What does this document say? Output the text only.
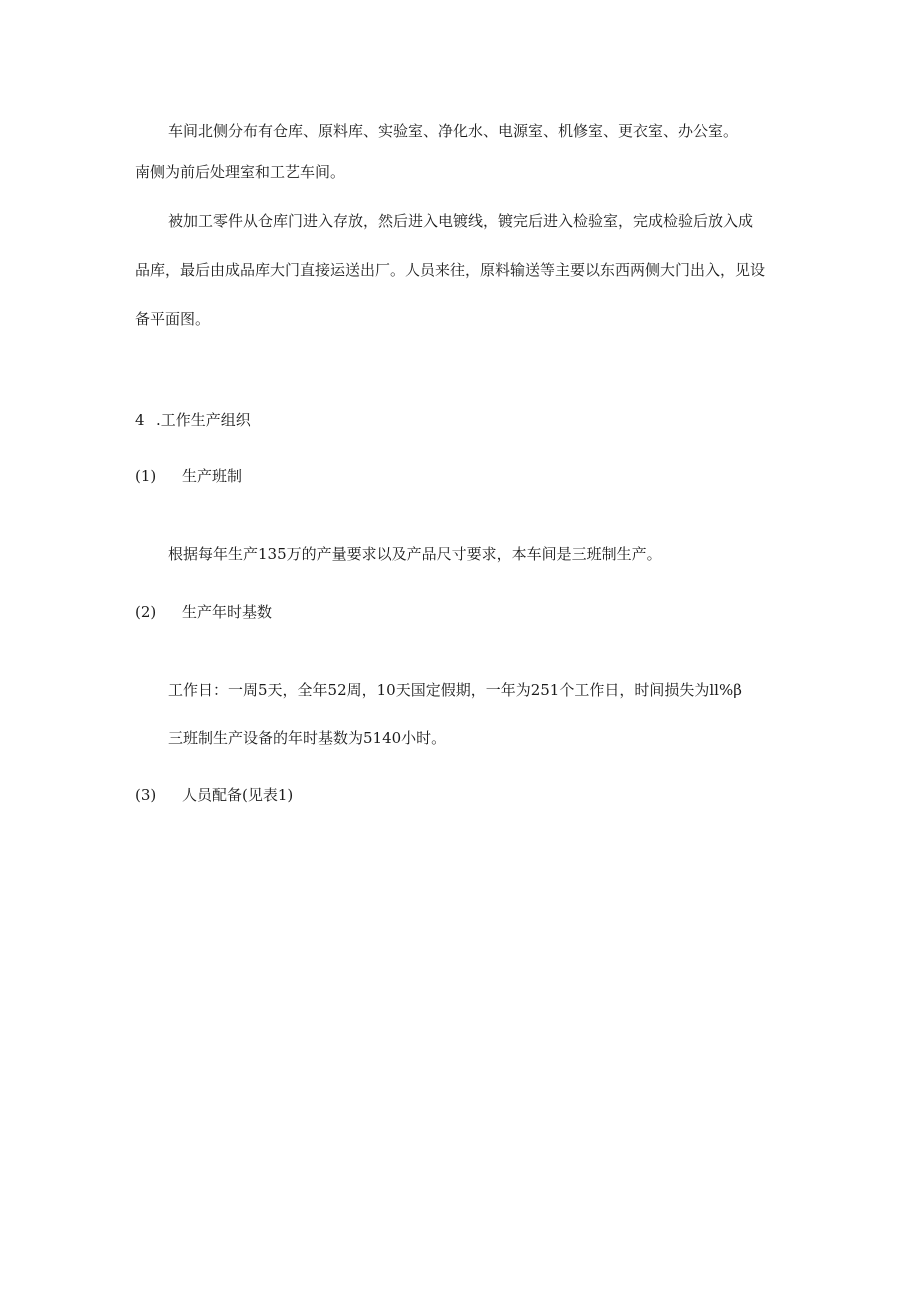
车间北侧分布有仓库、原料库、实验室、净化水、电源室、机修室、更衣室、办公室。
南侧为前后处理室和工艺车间。
被加工零件从仓库门进入存放，然后进入电镀线，镀完后进入检验室，完成检验后放入成
品库，最后由成品库大门直接运送出厂。人员来往，原料输送等主要以东西两侧大门出入，见设
备平面图。
4 .工作生产组织
(1) 生产班制
根据每年生产135万的产量要求以及产品尺寸要求，本车间是三班制生产。
(2) 生产年时基数
工作日：一周5天，全年52周，10天国定假期，一年为251个工作日，时间损失为ll%β
三班制生产设备的年时基数为5140小时。
(3) 人员配备(见表1)
